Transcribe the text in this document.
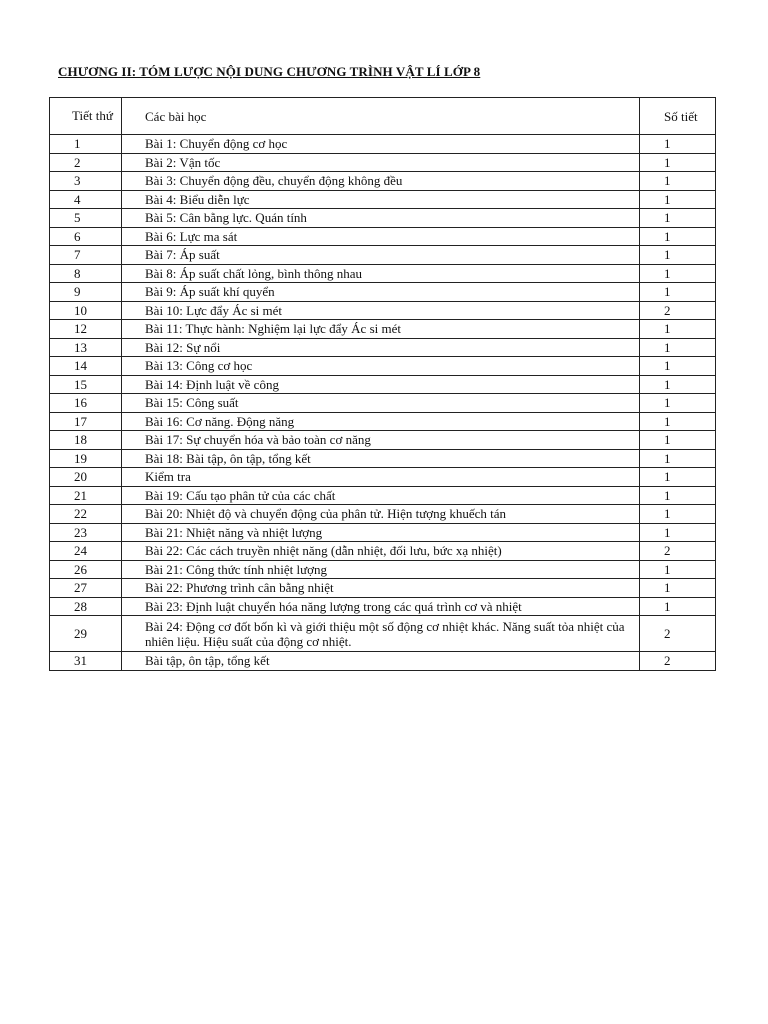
CHƯƠNG II: TÓM LƯỢC NỘI DUNG CHƯƠNG TRÌNH VẬT LÍ LỚP 8
Tiết thứ	Các bài học	Số tiết
1	Bài 1: Chuyển động cơ học	1
2	Bài 2: Vận tốc	1
3	Bài 3: Chuyển động đều, chuyển động không đều	1
4	Bài 4: Biểu diễn lực	1
5	Bài 5: Cân bằng lực. Quán tính	1
6	Bài 6: Lực ma sát	1
7	Bài 7: Áp suất	1
8	Bài 8: Áp suất chất lỏng, bình thông nhau	1
9	Bài 9: Áp suất khí quyển	1
10	Bài 10: Lực đẩy Ác si mét	2
12	Bài 11: Thực hành: Nghiệm lại lực đẩy Ác si mét	1
13	Bài 12: Sự nổi	1
14	Bài 13: Công cơ học	1
15	Bài 14: Định luật về công	1
16	Bài 15: Công suất	1
17	Bài 16: Cơ năng. Động năng	1
18	Bài 17: Sự chuyển hóa và bảo toàn cơ năng	1
19	Bài 18: Bài tập, ôn tập, tổng kết	1
20	Kiểm tra	1
21	Bài 19: Cấu tạo phân tử của các chất	1
22	Bài 20: Nhiệt độ và chuyển động của phân tử. Hiện tượng khuếch tán	1
23	Bài 21: Nhiệt năng và nhiệt lượng	1
24	Bài 22: Các cách truyền nhiệt năng (dẫn nhiệt, đối lưu, bức xạ nhiệt)	2
26	Bài 21: Công thức tính nhiệt lượng	1
27	Bài 22: Phương trình cân bằng nhiệt	1
28	Bài 23: Định luật chuyển hóa năng lượng trong các quá trình cơ và nhiệt	1
29	Bài 24: Động cơ đốt bốn kì và giới thiệu một số động cơ nhiệt khác. Năng suất tỏa nhiệt của nhiên liệu. Hiệu suất của động cơ nhiệt.	2
31	Bài tập, ôn tập, tổng kết	2
